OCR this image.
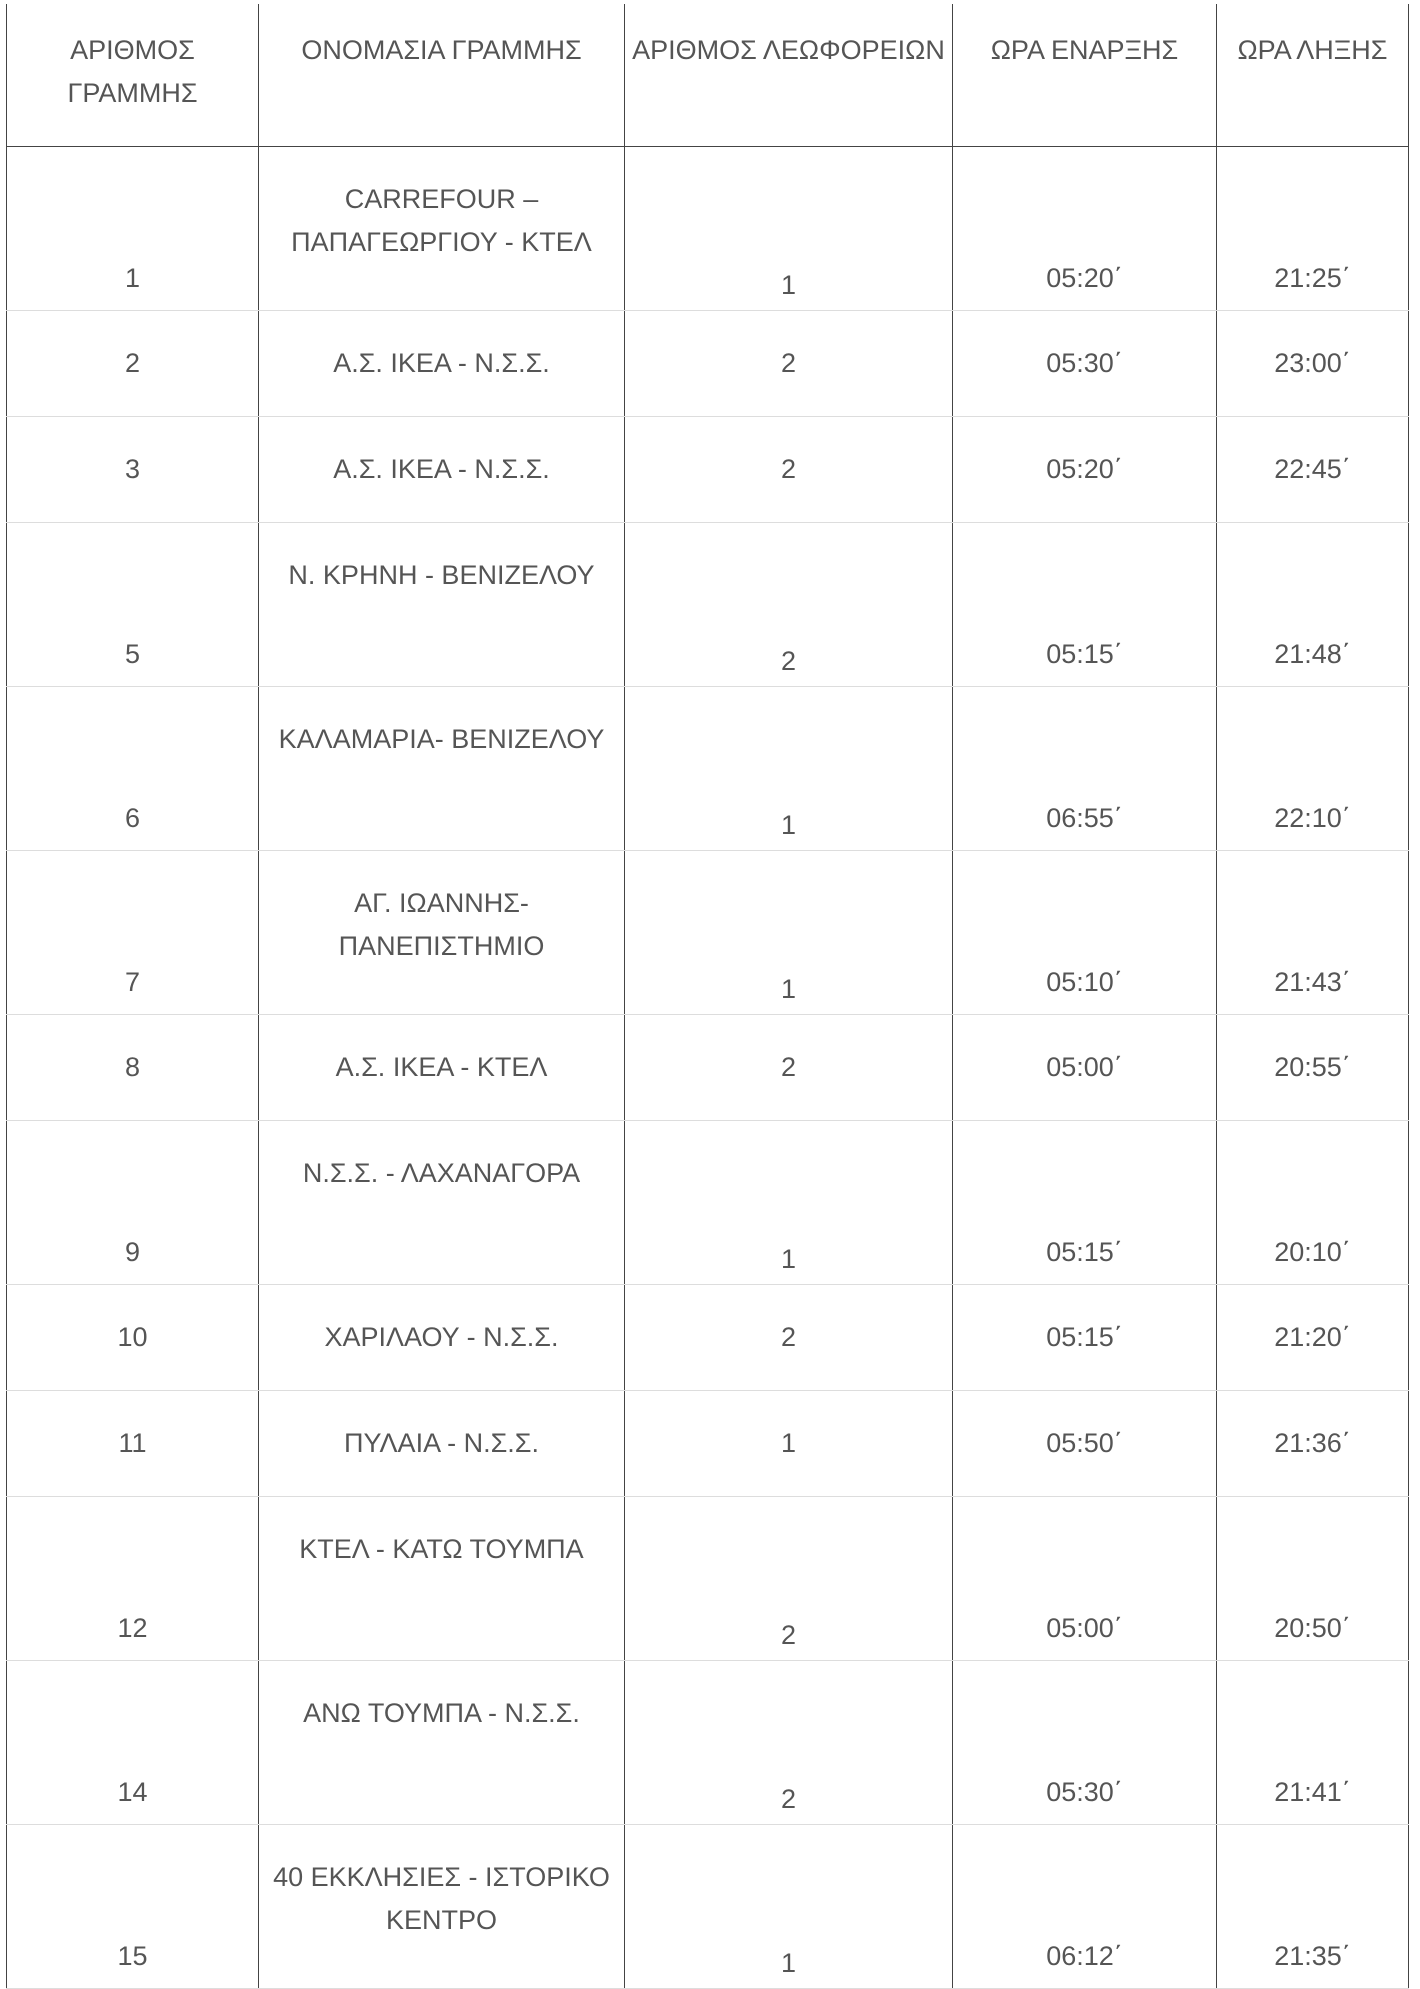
ΑΡΙΘΜΟΣ ΓΡΑΜΜΗΣ	ΟΝΟΜΑΣΙΑ ΓΡΑΜΜΗΣ	ΑΡΙΘΜΟΣ ΛΕΩΦΟΡΕΙΩΝ	ΩΡΑ ΕΝΑΡΞΗΣ	ΩΡΑ ΛΗΞΗΣ
1	CARREFOUR – ΠΑΠΑΓΕΩΡΓΙΟΥ - ΚΤΕΛ	1	05:20΄	21:25΄
2	Α.Σ. ΙΚΕΑ - Ν.Σ.Σ.	2	05:30΄	23:00΄
3	Α.Σ. ΙΚΕΑ - Ν.Σ.Σ.	2	05:20΄	22:45΄
5	Ν. ΚΡΗΝΗ - ΒΕΝΙΖΕΛΟΥ	2	05:15΄	21:48΄
6	ΚΑΛΑΜΑΡΙΑ- ΒΕΝΙΖΕΛΟΥ	1	06:55΄	22:10΄
7	ΑΓ. ΙΩΑΝΝΗΣ- ΠΑΝΕΠΙΣΤΗΜΙΟ	1	05:10΄	21:43΄
8	Α.Σ. ΙΚΕΑ - ΚΤΕΛ	2	05:00΄	20:55΄
9	Ν.Σ.Σ. - ΛΑΧΑΝΑΓΟΡΑ	1	05:15΄	20:10΄
10	ΧΑΡΙΛΑΟΥ - Ν.Σ.Σ.	2	05:15΄	21:20΄
11	ΠΥΛΑΙΑ - Ν.Σ.Σ.	1	05:50΄	21:36΄
12	ΚΤΕΛ - ΚΑΤΩ ΤΟΥΜΠΑ	2	05:00΄	20:50΄
14	ΑΝΩ ΤΟΥΜΠΑ - Ν.Σ.Σ.	2	05:30΄	21:41΄
15	40 ΕΚΚΛΗΣΙΕΣ - ΙΣΤΟΡΙΚΟ ΚΕΝΤΡΟ	1	06:12΄	21:35΄
